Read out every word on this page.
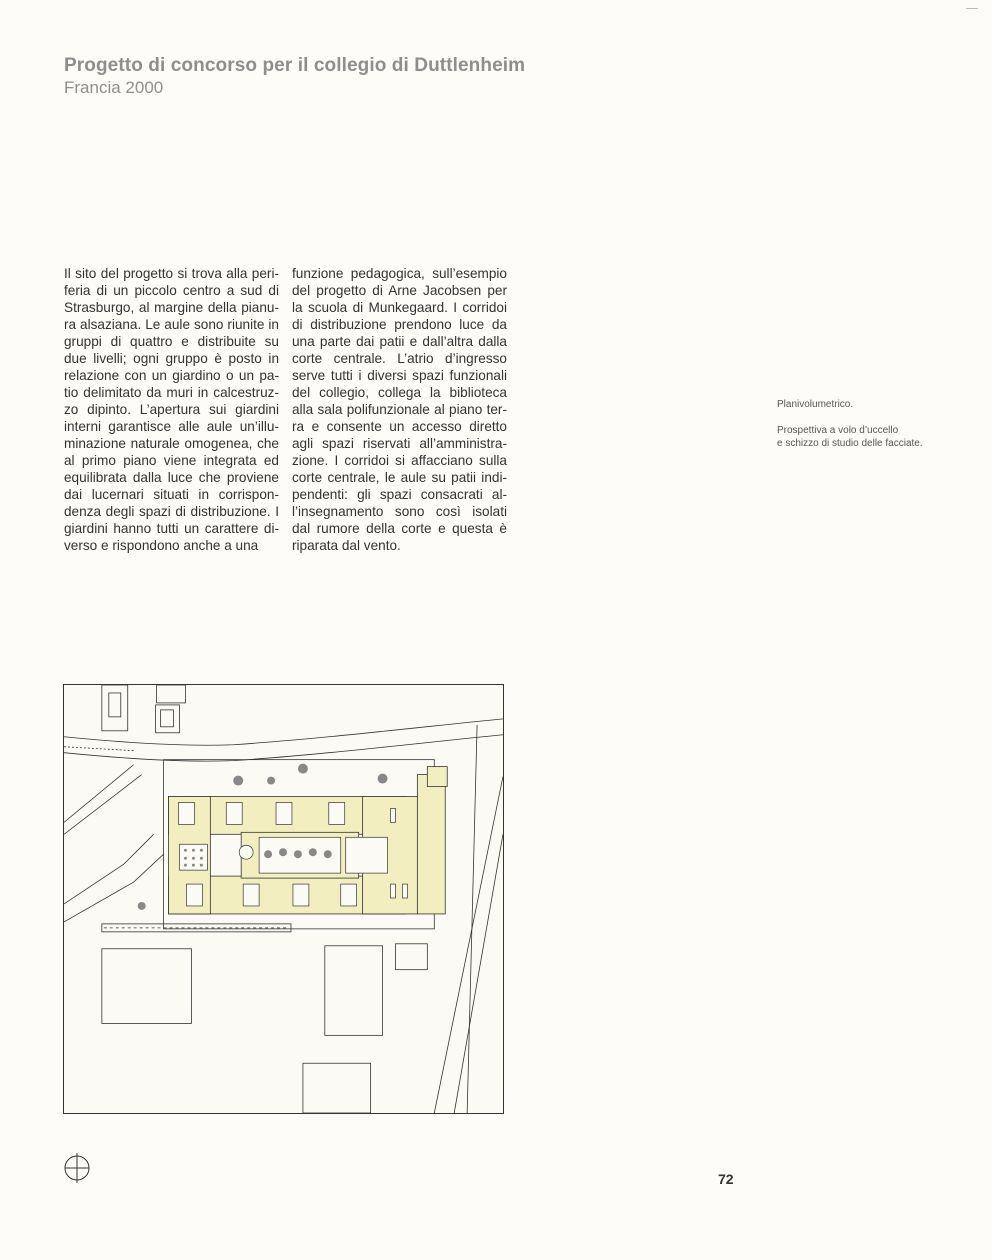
Progetto di concorso per il collegio di Duttlenheim
Francia 2000
Il sito del progetto si trova alla peri-
feria di un piccolo centro a sud di
Strasburgo, al margine della pianu-
ra alsaziana. Le aule sono riunite in
gruppi di quattro e distribuite su
due livelli; ogni gruppo è posto in
relazione con un giardino o un pa-
tio delimitato da muri in calcestruz-
zo dipinto. L’apertura sui giardini
interni garantisce alle aule un’illu-
minazione naturale omogenea, che
al primo piano viene integrata ed
equilibrata dalla luce che proviene
dai lucernari situati in corrispon-
denza degli spazi di distribuzione. I
giardini hanno tutti un carattere di-
verso e rispondono anche a una
funzione pedagogica, sull’esempio
del progetto di Arne Jacobsen per
la scuola di Munkegaard. I corridoi
di distribuzione prendono luce da
una parte dai patii e dall’altra dalla
corte centrale. L’atrio d’ingresso
serve tutti i diversi spazi funzionali
del collegio, collega la biblioteca
alla sala polifunzionale al piano ter-
ra e consente un accesso diretto
agli spazi riservati all’amministra-
zione. I corridoi si affacciano sulla
corte centrale, le aule su patii indi-
pendenti: gli spazi consacrati al-
l’insegnamento sono così isolati
dal rumore della corte e questa è
riparata dal vento.
Planivolumetrico.
Prospettiva a volo d’uccello
e schizzo di studio delle facciate.
72
